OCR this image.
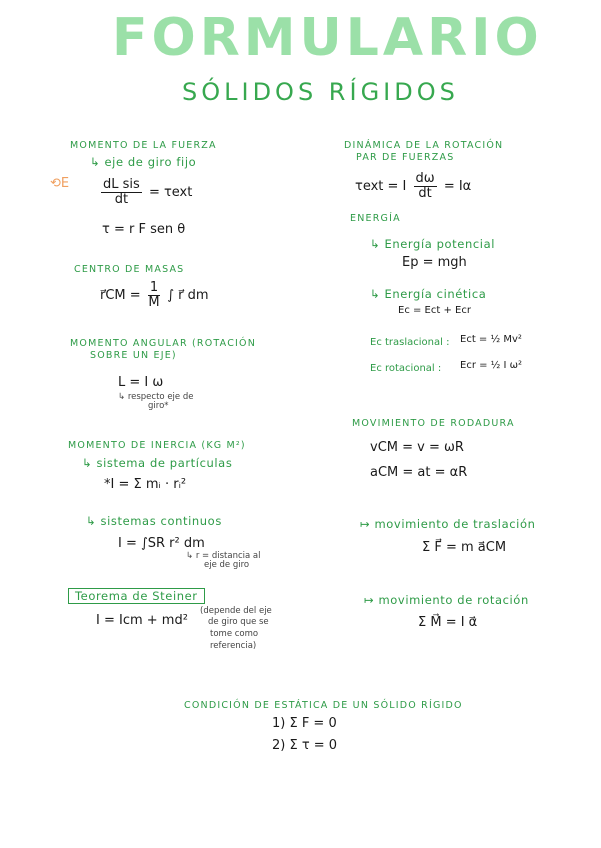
FORMULARIO
SÓLIDOS RÍGIDOS
MOMENTO DE LA FUERZA
↳ eje de giro fijo
⟲E $\frac{\text{dL sis}}{dt} = \tau ext$
τ = r F sen θ
CENTRO DE MASAS
r⃗CM = $\frac{1}{M}$ ∫ r⃗ dm
MOMENTO ANGULAR (ROTACIÓN
SOBRE UN EJE)
L = I ω
↳ respecto eje de
giro*
MOMENTO DE INERCIA (KG M²)
↳ sistema de partículas
*I = Σ mᵢ · rᵢ²
↳ sistemas continuos
I = ∫SR r² dm
↳ r = distancia al
eje de giro
Teorema de Steiner
I = Icm + md²
(depende del eje
de giro que se
tome como
referencia)
DINÁMICA DE LA ROTACIÓN
PAR DE FUERZAS
τext = I $\frac{d\omega}{dt} = I\alpha$
ENERGÍA
↳ Energía potencial
Ep = mgh
↳ Energía cinética
Ec = Ect + Ecr
Ec traslacional : Ect = ½ Mv²
Ec rotacional : Ecr = ½ I ω²
MOVIMIENTO DE RODADURA
vCM = v = ωR
aCM = at = αR
↦ movimiento de traslación
Σ F⃗ = m a⃗CM
↦ movimiento de rotación
Σ M⃗ = I α⃗
CONDICIÓN DE ESTÁTICA DE UN SÓLIDO RÍGIDO
1) Σ F = 0
2) Σ τ = 0
